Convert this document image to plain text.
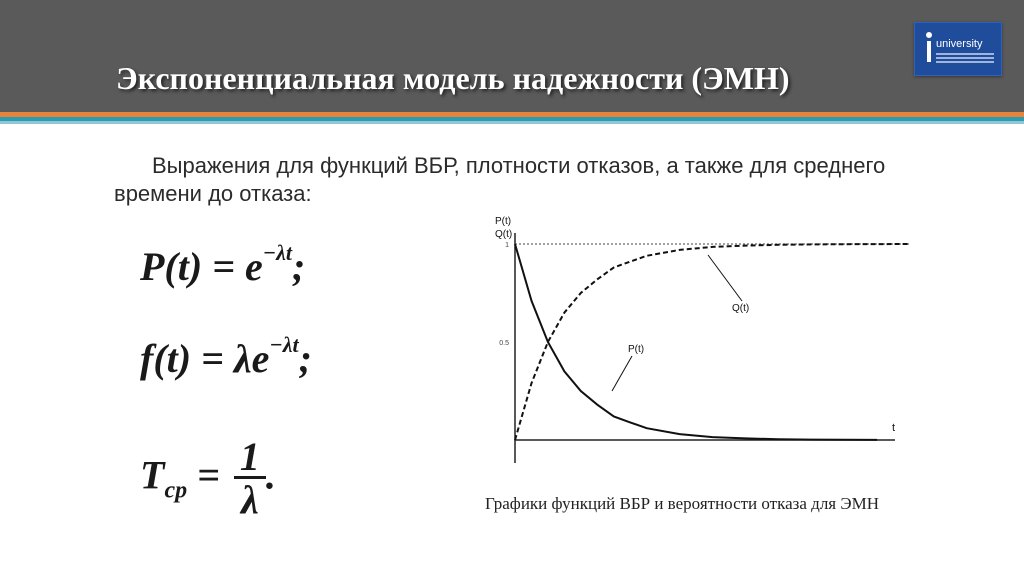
Экспоненциальная модель надежности (ЭМН)
university

Выражения для функций ВБР, плотности отказов, а также для среднего времени до отказа:

$P(t) = e^{-\lambda t}$;
$f(t) = \lambda e^{-\lambda t}$;
$T_{ср} = \frac{1}{\lambda}$ .
P(t)
Q(t)
t
1
0.5
P(t)
Q(t)
Графики функций ВБР и вероятности отказа для ЭМН
